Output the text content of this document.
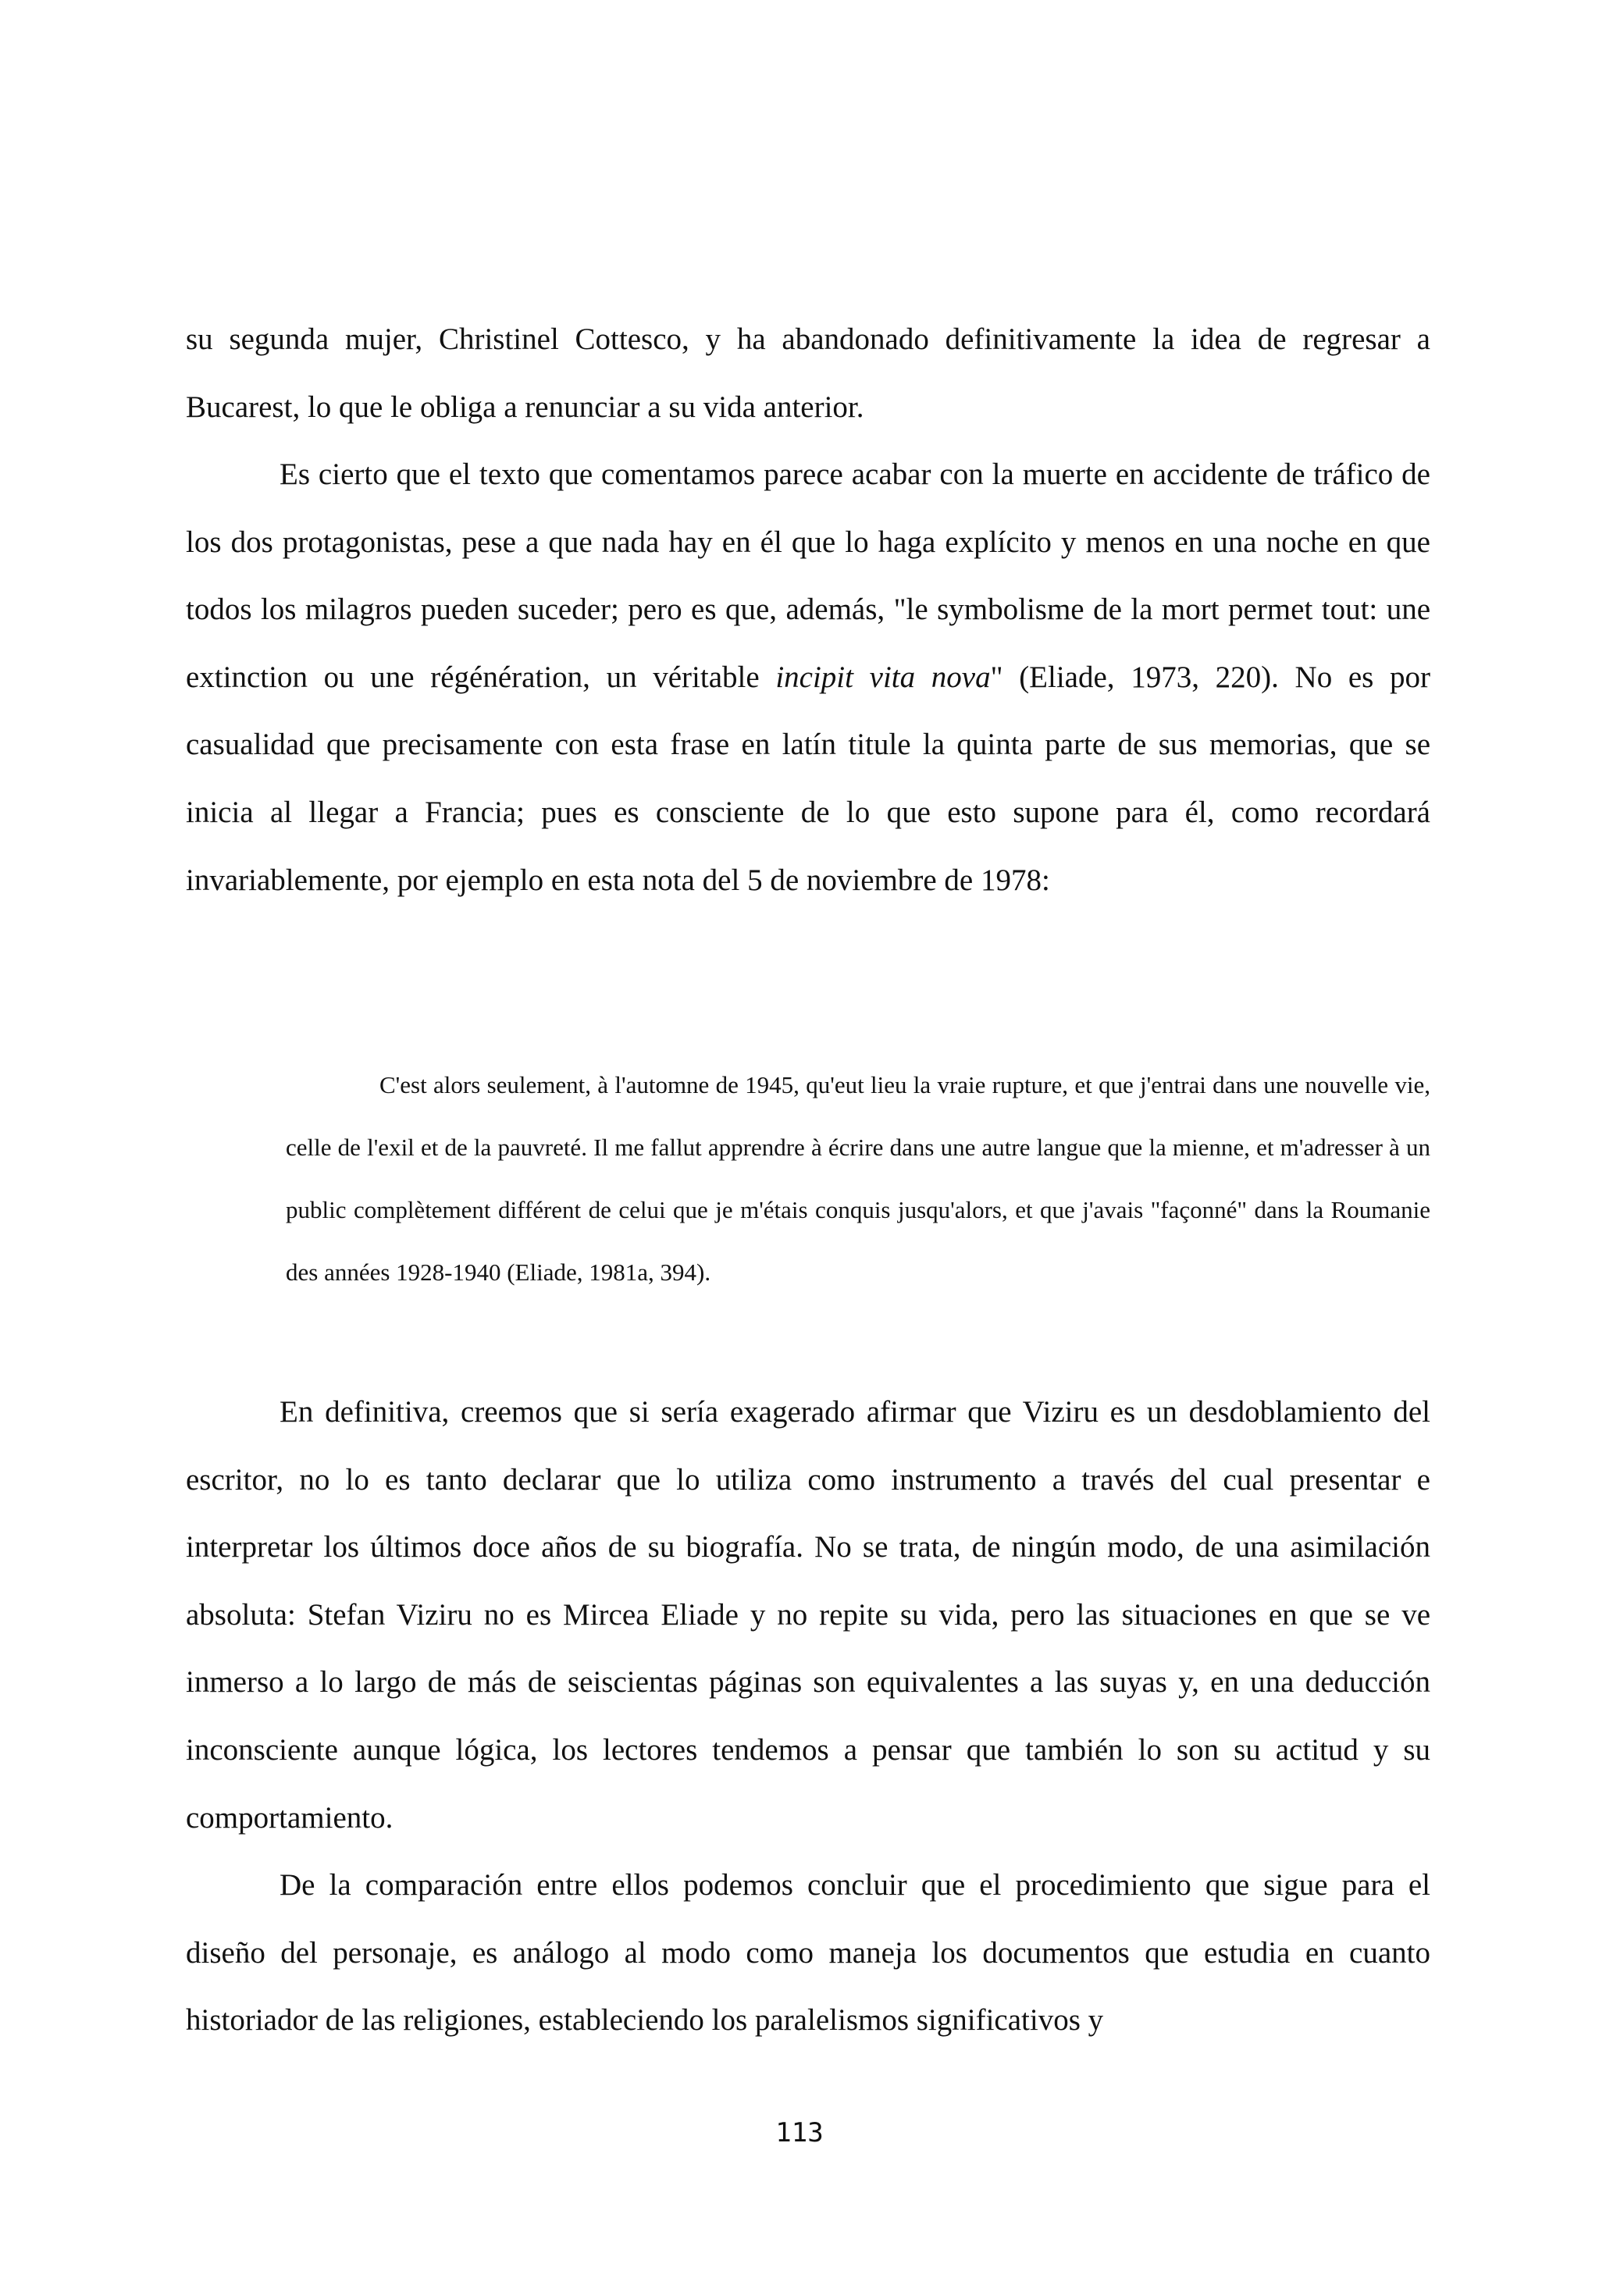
su segunda mujer, Christinel Cottesco, y ha abandonado definitivamente la idea de regresar a Bucarest, lo que le obliga a renunciar a su vida anterior.

Es cierto que el texto que comentamos parece acabar con la muerte en accidente de tráfico de los dos protagonistas, pese a que nada hay en él que lo haga explícito y menos en una noche en que todos los milagros pueden suceder; pero es que, además, "le symbolisme de la mort permet tout: une extinction ou une régénération, un véritable incipit vita nova" (Eliade, 1973, 220). No es por casualidad que precisamente con esta frase en latín titule la quinta parte de sus memorias, que se inicia al llegar a Francia; pues es consciente de lo que esto supone para él, como recordará invariablemente, por ejemplo en esta nota del 5 de noviembre de 1978:

C'est alors seulement, à l'automne de 1945, qu'eut lieu la vraie rupture, et que j'entrai dans une nouvelle vie, celle de l'exil et de la pauvreté. Il me fallut apprendre à écrire dans une autre langue que la mienne, et m'adresser à un public complètement différent de celui que je m'étais conquis jusqu'alors, et que j'avais "façonné" dans la Roumanie des années 1928-1940 (Eliade, 1981a, 394).

En definitiva, creemos que si sería exagerado afirmar que Viziru es un desdoblamiento del escritor, no lo es tanto declarar que lo utiliza como instrumento a través del cual presentar e interpretar los últimos doce años de su biografía. No se trata, de ningún modo, de una asimilación absoluta: Stefan Viziru no es Mircea Eliade y no repite su vida, pero las situaciones en que se ve inmerso a lo largo de más de seiscientas páginas son equivalentes a las suyas y, en una deducción inconsciente aunque lógica, los lectores tendemos a pensar que también lo son su actitud y su comportamiento.

De la comparación entre ellos podemos concluir que el procedimiento que sigue para el diseño del personaje, es análogo al modo como maneja los documentos que estudia en cuanto historiador de las religiones, estableciendo los paralelismos significativos y

113
